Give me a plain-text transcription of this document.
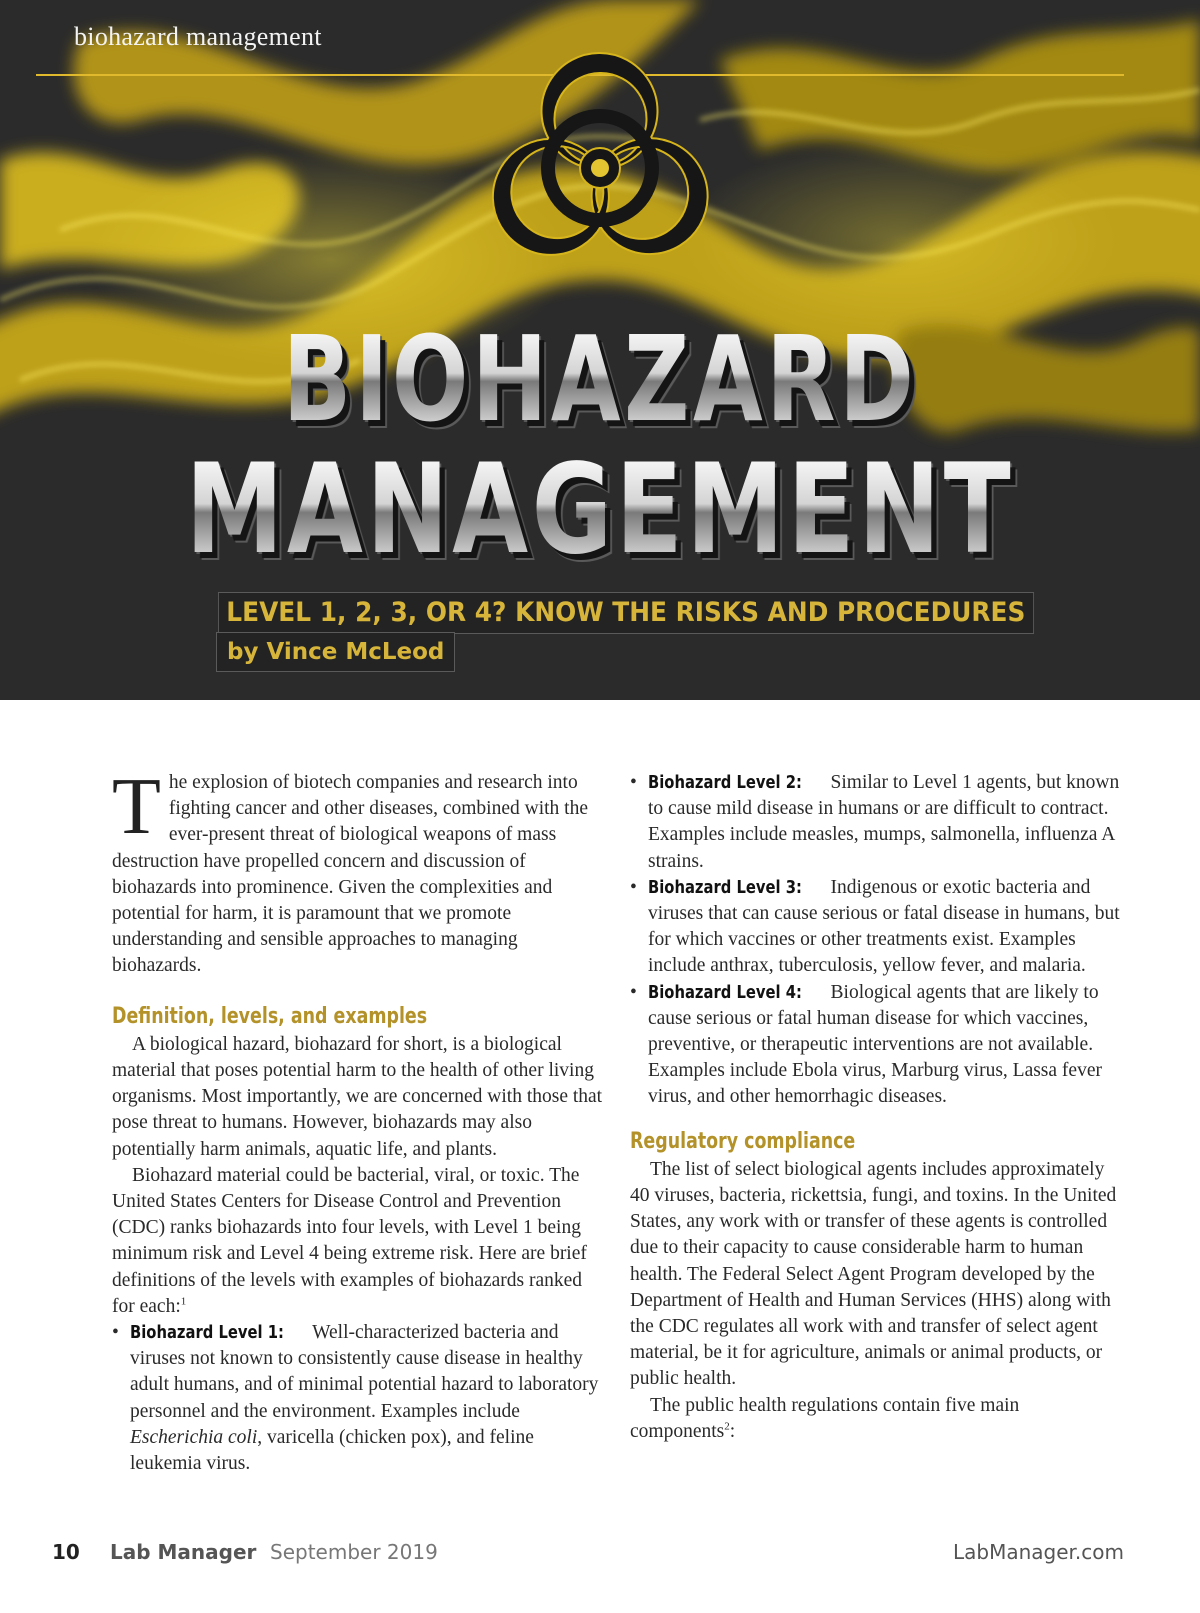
biohazard management
BIOHAZARD
MANAGEMENT
LEVEL 1, 2, 3, OR 4? KNOW THE RISKS AND PROCEDURES
by Vince McLeod

The explosion of biotech companies and research into fighting cancer and other diseases, combined with the ever-present threat of biological weapons of mass destruction have propelled concern and discussion of biohazards into prominence. Given the complexities and potential for harm, it is paramount that we promote understanding and sensible approaches to managing biohazards.

Definition, levels, and examples

A biological hazard, biohazard for short, is a biological material that poses potential harm to the health of other living organisms. Most importantly, we are concerned with those that pose threat to humans. However, biohazards may also potentially harm animals, aquatic life, and plants.

Biohazard material could be bacterial, viral, or toxic. The United States Centers for Disease Control and Prevention (CDC) ranks biohazards into four levels, with Level 1 being minimum risk and Level 4 being extreme risk. Here are brief definitions of the levels with examples of biohazards ranked for each:$^1$

• Biohazard Level 1: Well-characterized bacteria and viruses not known to consistently cause disease in healthy adult humans, and of minimal potential hazard to laboratory personnel and the environment. Examples include Escherichia coli, varicella (chicken pox), and feline leukemia virus.
• Biohazard Level 2: Similar to Level 1 agents, but known to cause mild disease in humans or are difficult to contract. Examples include measles, mumps, salmonella, influenza A strains.
• Biohazard Level 3: Indigenous or exotic bacteria and viruses that can cause serious or fatal disease in humans, but for which vaccines or other treatments exist. Examples include anthrax, tuberculosis, yellow fever, and malaria.
• Biohazard Level 4: Biological agents that are likely to cause serious or fatal human disease for which vaccines, preventive, or therapeutic interventions are not available. Examples include Ebola virus, Marburg virus, Lassa fever virus, and other hemorrhagic diseases.
Regulatory compliance

The list of select biological agents includes approximately 40 viruses, bacteria, rickettsia, fungi, and toxins. In the United States, any work with or transfer of these agents is controlled due to their capacity to cause considerable harm to human health. The Federal Select Agent Program developed by the Department of Health and Human Services (HHS) along with the CDC regulates all work with and transfer of select agent material, be it for agriculture, animals or animal products, or public health.

The public health regulations contain five main components$^2$:

10 Lab Manager September 2019	LabManager.com
